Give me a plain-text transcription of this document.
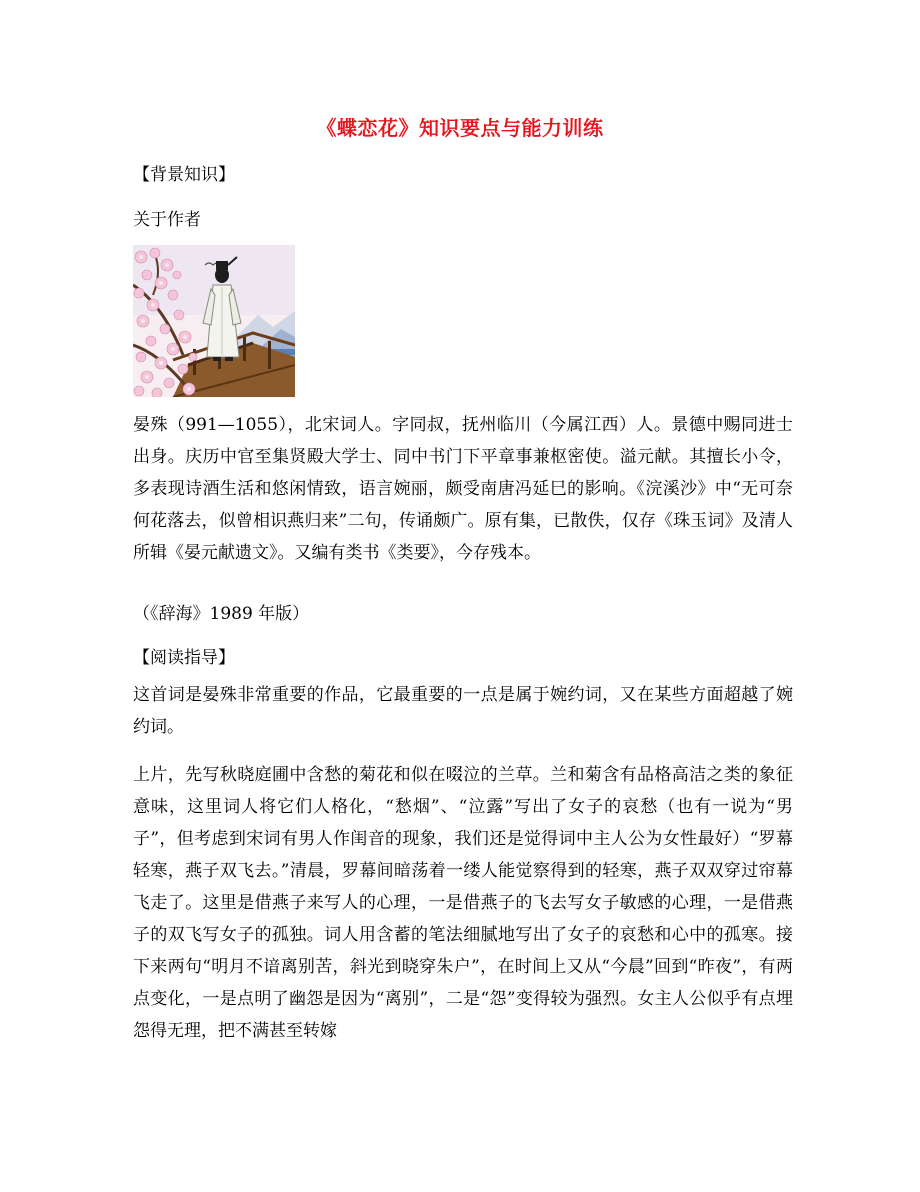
《蝶恋花》知识要点与能力训练
【背景知识】
关于作者

晏殊（991—1055），北宋词人。字同叔，抚州临川（今属江西）人。景德中赐同进士出身。庆历中官至集贤殿大学士、同中书门下平章事兼枢密使。溢元献。其擅长小令，多表现诗酒生活和悠闲情致，语言婉丽，颇受南唐冯延巳的影响。《浣溪沙》中“无可奈何花落去，似曾相识燕归来”二句，传诵颇广。原有集，已散佚，仅存《珠玉词》及清人所辑《晏元献遗文》。又编有类书《类要》，今存残本。

（《辞海》1989 年版）
【阅读指导】

这首词是晏殊非常重要的作品，它最重要的一点是属于婉约词，又在某些方面超越了婉约词。

上片，先写秋晓庭圃中含愁的菊花和似在啜泣的兰草。兰和菊含有品格高洁之类的象征意味，这里词人将它们人格化，“愁烟”、“泣露”写出了女子的哀愁（也有一说为“男子”，但考虑到宋词有男人作闺音的现象，我们还是觉得词中主人公为女性最好）“罗幕轻寒，燕子双飞去。”清晨，罗幕间暗荡着一缕人能觉察得到的轻寒，燕子双双穿过帘幕飞走了。这里是借燕子来写人的心理，一是借燕子的飞去写女子敏感的心理，一是借燕子的双飞写女子的孤独。词人用含蓄的笔法细腻地写出了女子的哀愁和心中的孤寒。接下来两句“明月不谙离别苦，斜光到晓穿朱户”，在时间上又从“今晨”回到“昨夜”，有两点变化，一是点明了幽怨是因为“离别”，二是“怨”变得较为强烈。女主人公似乎有点埋怨得无理，把不满甚至转嫁
